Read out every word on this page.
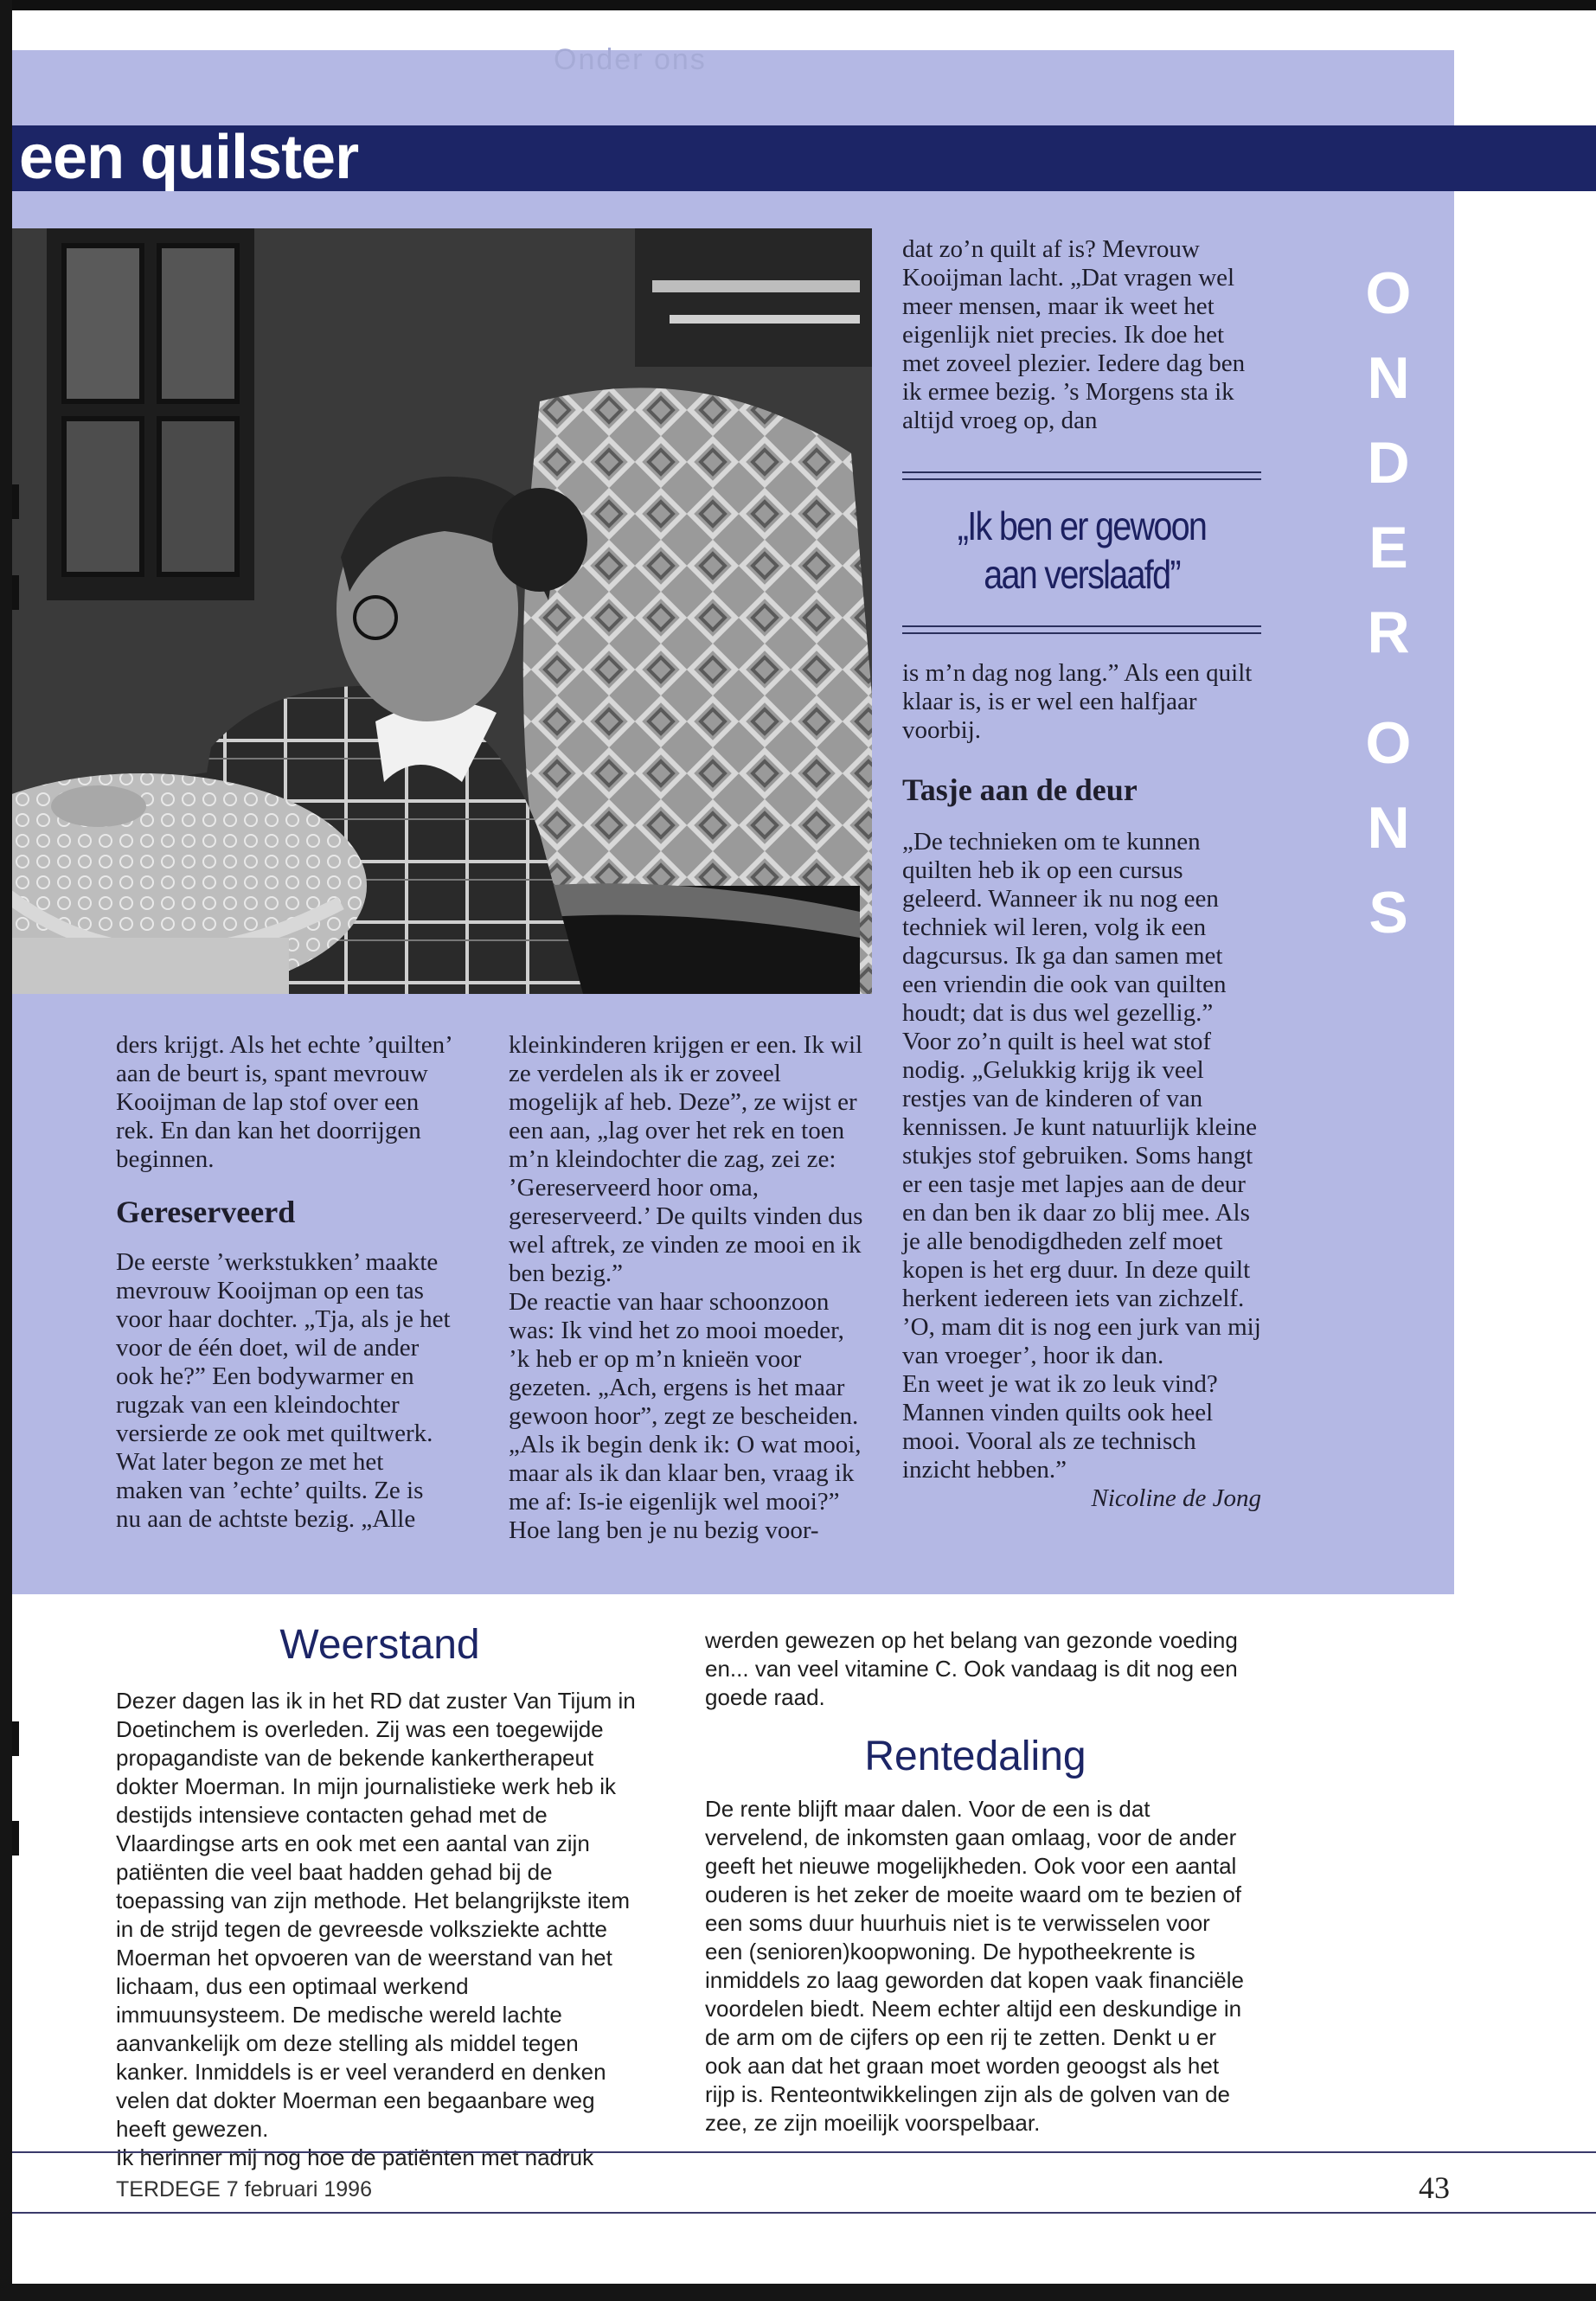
Onder ons
een quilster
O
N
D
E
R
O
N
S

dat zo’n quilt af is? Mevrouw Kooijman lacht. „Dat vragen wel meer mensen, maar ik weet het eigenlijk niet precies. Ik doe het met zoveel plezier. Iedere dag ben ik ermee bezig. ’s Morgens sta ik altijd vroeg op, dan

„Ik ben er gewoon aan verslaafd”

is m’n dag nog lang.” Als een quilt klaar is, is er wel een halfjaar voorbij.

Tasje aan de deur

„De technieken om te kunnen quilten heb ik op een cursus geleerd. Wanneer ik nu nog een techniek wil leren, volg ik een dagcursus. Ik ga dan samen met een vriendin die ook van quilten houdt; dat is dus wel gezellig.” Voor zo’n quilt is heel wat stof nodig. „Gelukkig krijg ik veel restjes van de kinderen of van kennissen. Je kunt natuurlijk kleine stukjes stof gebruiken. Soms hangt er een tasje met lapjes aan de deur en dan ben ik daar zo blij mee. Als je alle benodigdheden zelf moet kopen is het erg duur. In deze quilt herkent iedereen iets van zichzelf. ’O, mam dit is nog een jurk van mij van vroeger’, hoor ik dan.

En weet je wat ik zo leuk vind? Mannen vinden quilts ook heel mooi. Vooral als ze technisch inzicht hebben.”

Nicoline de Jong

ders krijgt. Als het echte ’quilten’ aan de beurt is, spant mevrouw Kooijman de lap stof over een rek. En dan kan het doorrijgen beginnen.

Gereserveerd

De eerste ’werkstukken’ maakte mevrouw Kooijman op een tas voor haar dochter. „Tja, als je het voor de één doet, wil de ander ook he?” Een bodywarmer en rugzak van een kleindochter versierde ze ook met quiltwerk.

Wat later begon ze met het maken van ’echte’ quilts. Ze is nu aan de achtste bezig. „Alle

kleinkinderen krijgen er een. Ik wil ze verdelen als ik er zoveel mogelijk af heb. Deze”, ze wijst er een aan, „lag over het rek en toen m’n kleindochter die zag, zei ze: ’Gereserveerd hoor oma, gereserveerd.’ De quilts vinden dus wel aftrek, ze vinden ze mooi en ik ben bezig.”

De reactie van haar schoonzoon was: Ik vind het zo mooi moeder, ’k heb er op m’n knieën voor gezeten. „Ach, ergens is het maar gewoon hoor”, zegt ze bescheiden. „Als ik begin denk ik: O wat mooi, maar als ik dan klaar ben, vraag ik me af: Is-ie eigenlijk wel mooi?”

Hoe lang ben je nu bezig voor-

Weerstand

Dezer dagen las ik in het RD dat zuster Van Tijum in Doetinchem is overleden. Zij was een toegewijde propagandiste van de bekende kankertherapeut dokter Moerman. In mijn journalistieke werk heb ik destijds intensieve contacten gehad met de Vlaardingse arts en ook met een aantal van zijn patiënten die veel baat hadden gehad bij de toepassing van zijn methode. Het belangrijkste item in de strijd tegen de gevreesde volksziekte achtte Moerman het opvoeren van de weerstand van het lichaam, dus een optimaal werkend immuunsysteem. De medische wereld lachte aanvankelijk om deze stelling als middel tegen kanker. Inmiddels is er veel veranderd en denken velen dat dokter Moerman een begaanbare weg heeft gewezen.

Ik herinner mij nog hoe de patiënten met nadruk

werden gewezen op het belang van gezonde voeding en... van veel vitamine C. Ook vandaag is dit nog een goede raad.

Rentedaling

De rente blijft maar dalen. Voor de een is dat vervelend, de inkomsten gaan omlaag, voor de ander geeft het nieuwe mogelijkheden. Ook voor een aantal ouderen is het zeker de moeite waard om te bezien of een soms duur huurhuis niet is te verwisselen voor een (senioren)koopwoning. De hypotheekrente is inmiddels zo laag geworden dat kopen vaak financiële voordelen biedt. Neem echter altijd een deskundige in de arm om de cijfers op een rij te zetten. Denkt u er ook aan dat het graan moet worden geoogst als het rijp is. Renteontwikkelingen zijn als de golven van de zee, ze zijn moeilijk voorspelbaar.

TERDEGE 7 februari 1996	43
